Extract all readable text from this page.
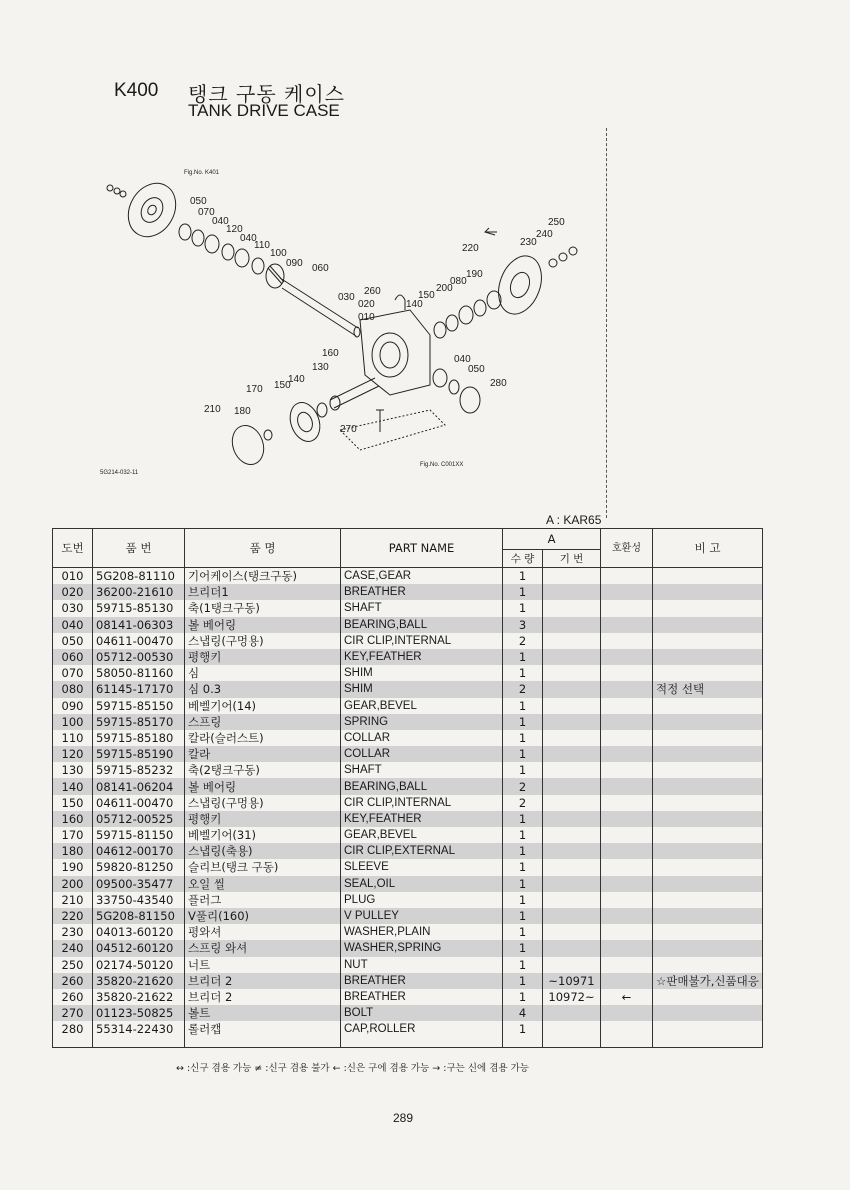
K400 탱크 구동 케이스
TANK DRIVE CASE
Fig.No. K401
Fig.No. C001XX
5G214-032-11
050
070
040
120
040
110
100
090 060
030
020
010
260	150
140
200
080
190
220
230
240
250
160
130
150
140
170
180
210
040
050
280
270
A : KAR65
도번	품 번	품 명	PART NAME	A		호환성	비 고
				수 량	기 번		
010	5G208-81110	기어케이스(탱크구동)	CASE,GEAR	1			
020	36200-21610	브리더1	BREATHER	1			
030	59715-85130	축(1탱크구동)	SHAFT	1			
040	08141-06303	볼 베어링	BEARING,BALL	3			
050	04611-00470	스냅링(구멍용)	CIR CLIP,INTERNAL	2			
060	05712-00530	평행키	KEY,FEATHER	1			
070	58050-81160	심	SHIM	1			
080	61145-17170	심 0.3	SHIM	2			적정 선택
090	59715-85150	베벨기어(14)	GEAR,BEVEL	1			
100	59715-85170	스프링	SPRING	1			
110	59715-85180	칼라(슬러스트)	COLLAR	1			
120	59715-85190	칼라	COLLAR	1			
130	59715-85232	축(2탱크구동)	SHAFT	1			
140	08141-06204	볼 베어링	BEARING,BALL	2			
150	04611-00470	스냅링(구멍용)	CIR CLIP,INTERNAL	2			
160	05712-00525	평행키	KEY,FEATHER	1			
170	59715-81150	베벨기어(31)	GEAR,BEVEL	1			
180	04612-00170	스냅링(축용)	CIR CLIP,EXTERNAL	1			
190	59820-81250	슬리브(탱크 구동)	SLEEVE	1			
200	09500-35477	오일 씰	SEAL,OIL	1			
210	33750-43540	플러그	PLUG	1			
220	5G208-81150	V풀리(160)	V PULLEY	1			
230	04013-60120	평와셔	WASHER,PLAIN	1			
240	04512-60120	스프링 와셔	WASHER,SPRING	1			
250	02174-50120	너트	NUT	1			
260	35820-21620	브리더 2	BREATHER	1	~10971		☆판매불가,신품대응
260	35820-21622	브리더 2	BREATHER	1	10972~	←	
270	01123-50825	볼트	BOLT	4			
280	55314-22430	롤러캡	CAP,ROLLER	1			
↔ :신구 겸용 가능 ≠ :신구 겸용 불가 ← :신은 구에 겸용 가능 → :구는 신에 겸용 가능
289
